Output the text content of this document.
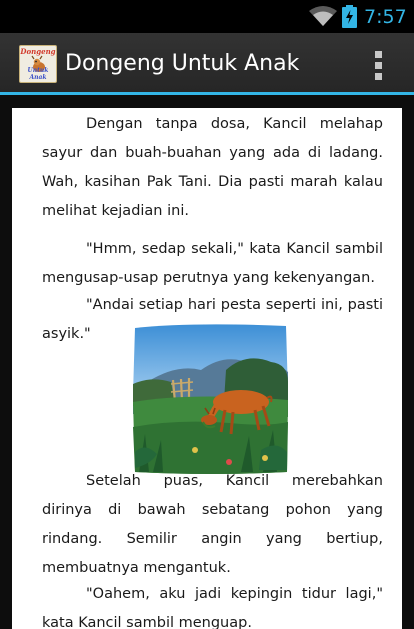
7:57
Dongeng
Untuk Anak
Dongeng Untuk Anak

Dengan tanpa dosa, Kancil melahap sayur dan buah-buahan yang ada di ladang. Wah, kasihan Pak Tani. Dia pasti marah kalau melihat kejadian ini.

"Hmm, sedap sekali," kata Kancil sambil mengusap-usap perutnya yang kekenyangan.

"Andai setiap hari pesta seperti ini, pasti asyik."

Setelah puas, Kancil merebahkan dirinya di bawah sebatang pohon yang rindang. Semilir angin yang bertiup, membuatnya mengantuk.

"Oahem, aku jadi kepingin tidur lagi," kata Kancil sambil menguap.
